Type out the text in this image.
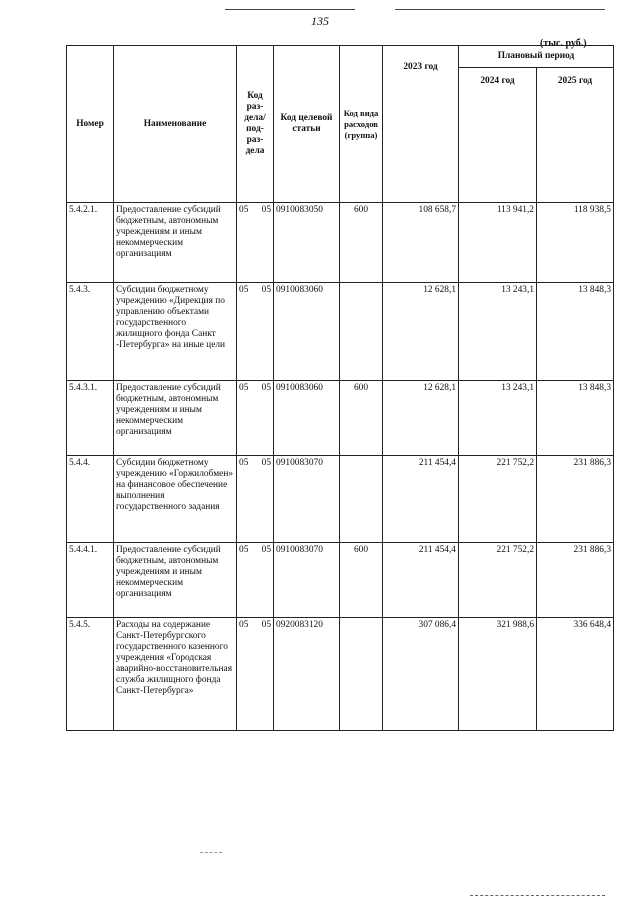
135
(тыс. руб.)
Номер	Наименование	Код раз-дела/ под-раз-дела	Код целевой статьи	Код вида расходов (группа)	2023 год	Плановый период	
						2024 год	2025 год
5.4.2.1.	Предоставление субсидий бюджетным, автономным учреждениям и иным некоммерческим организациям	05 05	0910083050	600	108 658,7	113 941,2	118 938,5
5.4.3.	Субсидии бюджетному учреждению «Дирекция по управлению объектами государственного жилищного фонда Санкт -Петербурга» на иные цели	05 05	0910083060		12 628,1	13 243,1	13 848,3
5.4.3.1.	Предоставление субсидий бюджетным, автономным учреждениям и иным некоммерческим организациям	05 05	0910083060	600	12 628,1	13 243,1	13 848,3
5.4.4.	Субсидии бюджетному учреждению «Горжилобмен» на финансовое обеспечение выполнения государственного задания	05 05	0910083070		211 454,4	221 752,2	231 886,3
5.4.4.1.	Предоставление субсидий бюджетным, автономным учреждениям и иным некоммерческим организациям	05 05	0910083070	600	211 454,4	221 752,2	231 886,3
5.4.5.	Расходы на содержание Санкт-Петербургского государственного казенного учреждения «Городская аварийно-восстановительная служба жилищного фонда Санкт-Петербурга»	05 05	0920083120		307 086,4	321 988,6	336 648,4
